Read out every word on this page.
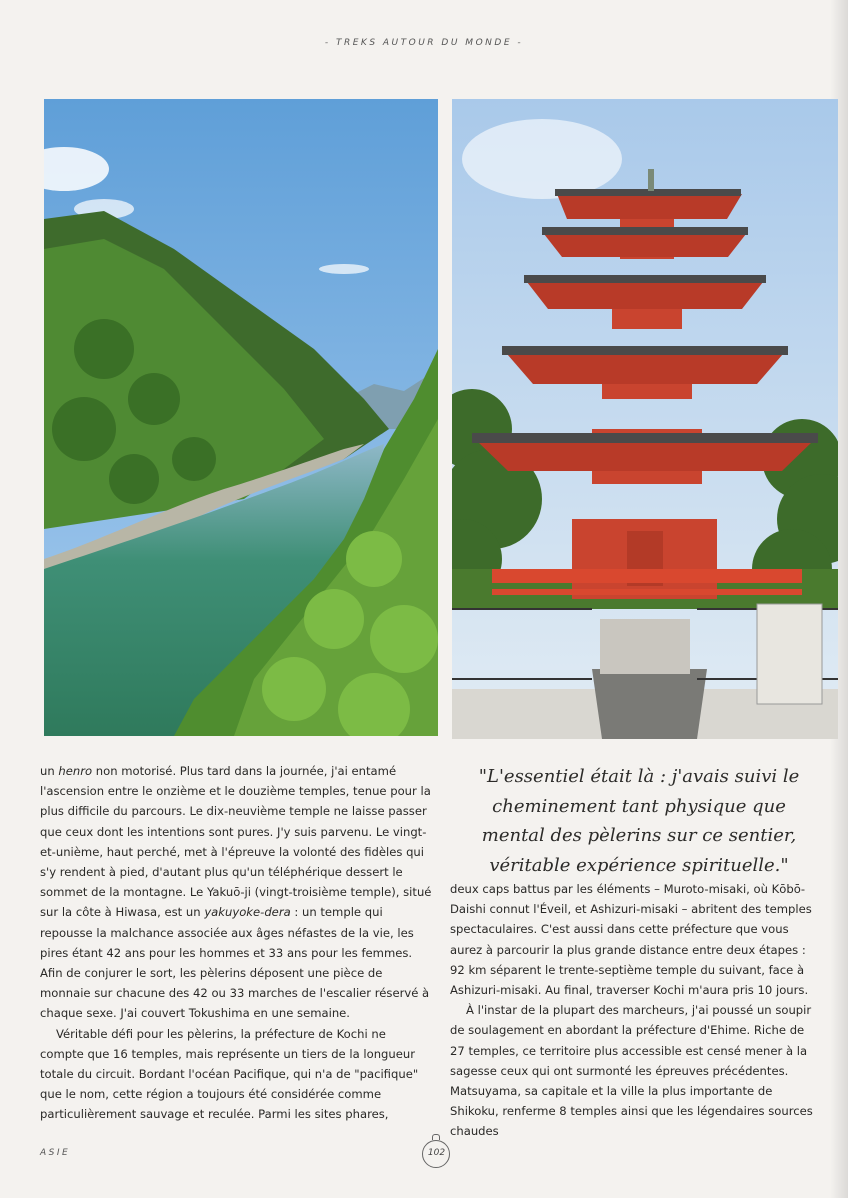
- TREKS AUTOUR DU MONDE -

un henro non motorisé. Plus tard dans la journée, j'ai entamé l'ascension entre le onzième et le douzième temples, tenue pour la plus difficile du parcours. Le dix-neuvième temple ne laisse passer que ceux dont les intentions sont pures. J'y suis parvenu. Le vingt-et-unième, haut perché, met à l'épreuve la volonté des fidèles qui s'y rendent à pied, d'autant plus qu'un téléphérique dessert le sommet de la montagne. Le Yakuō-ji (vingt-troisième temple), situé sur la côte à Hiwasa, est un yakuyoke-dera : un temple qui repousse la malchance associée aux âges néfastes de la vie, les pires étant 42 ans pour les hommes et 33 ans pour les femmes. Afin de conjurer le sort, les pèlerins déposent une pièce de monnaie sur chacune des 42 ou 33 marches de l'escalier réservé à chaque sexe. J'ai couvert Tokushima en une semaine.

Véritable défi pour les pèlerins, la préfecture de Kochi ne compte que 16 temples, mais représente un tiers de la longueur totale du circuit. Bordant l'océan Pacifique, qui n'a de "pacifique" que le nom, cette région a toujours été considérée comme particulièrement sauvage et reculée. Parmi les sites phares,

"L'essentiel était là : j'avais suivi le cheminement tant physique que mental des pèlerins sur ce sentier, véritable expérience spirituelle."

deux caps battus par les éléments – Muroto-misaki, où Kōbō-Daishi connut l'Éveil, et Ashizuri-misaki – abritent des temples spectaculaires. C'est aussi dans cette préfecture que vous aurez à parcourir la plus grande distance entre deux étapes : 92 km séparent le trente-septième temple du suivant, face à Ashizuri-misaki. Au final, traverser Kochi m'aura pris 10 jours.

À l'instar de la plupart des marcheurs, j'ai poussé un soupir de soulagement en abordant la préfecture d'Ehime. Riche de 27 temples, ce territoire plus accessible est censé mener à la sagesse ceux qui ont surmonté les épreuves précédentes. Matsuyama, sa capitale et la ville la plus importante de Shikoku, renferme 8 temples ainsi que les légendaires sources chaudes

ASIE	102
